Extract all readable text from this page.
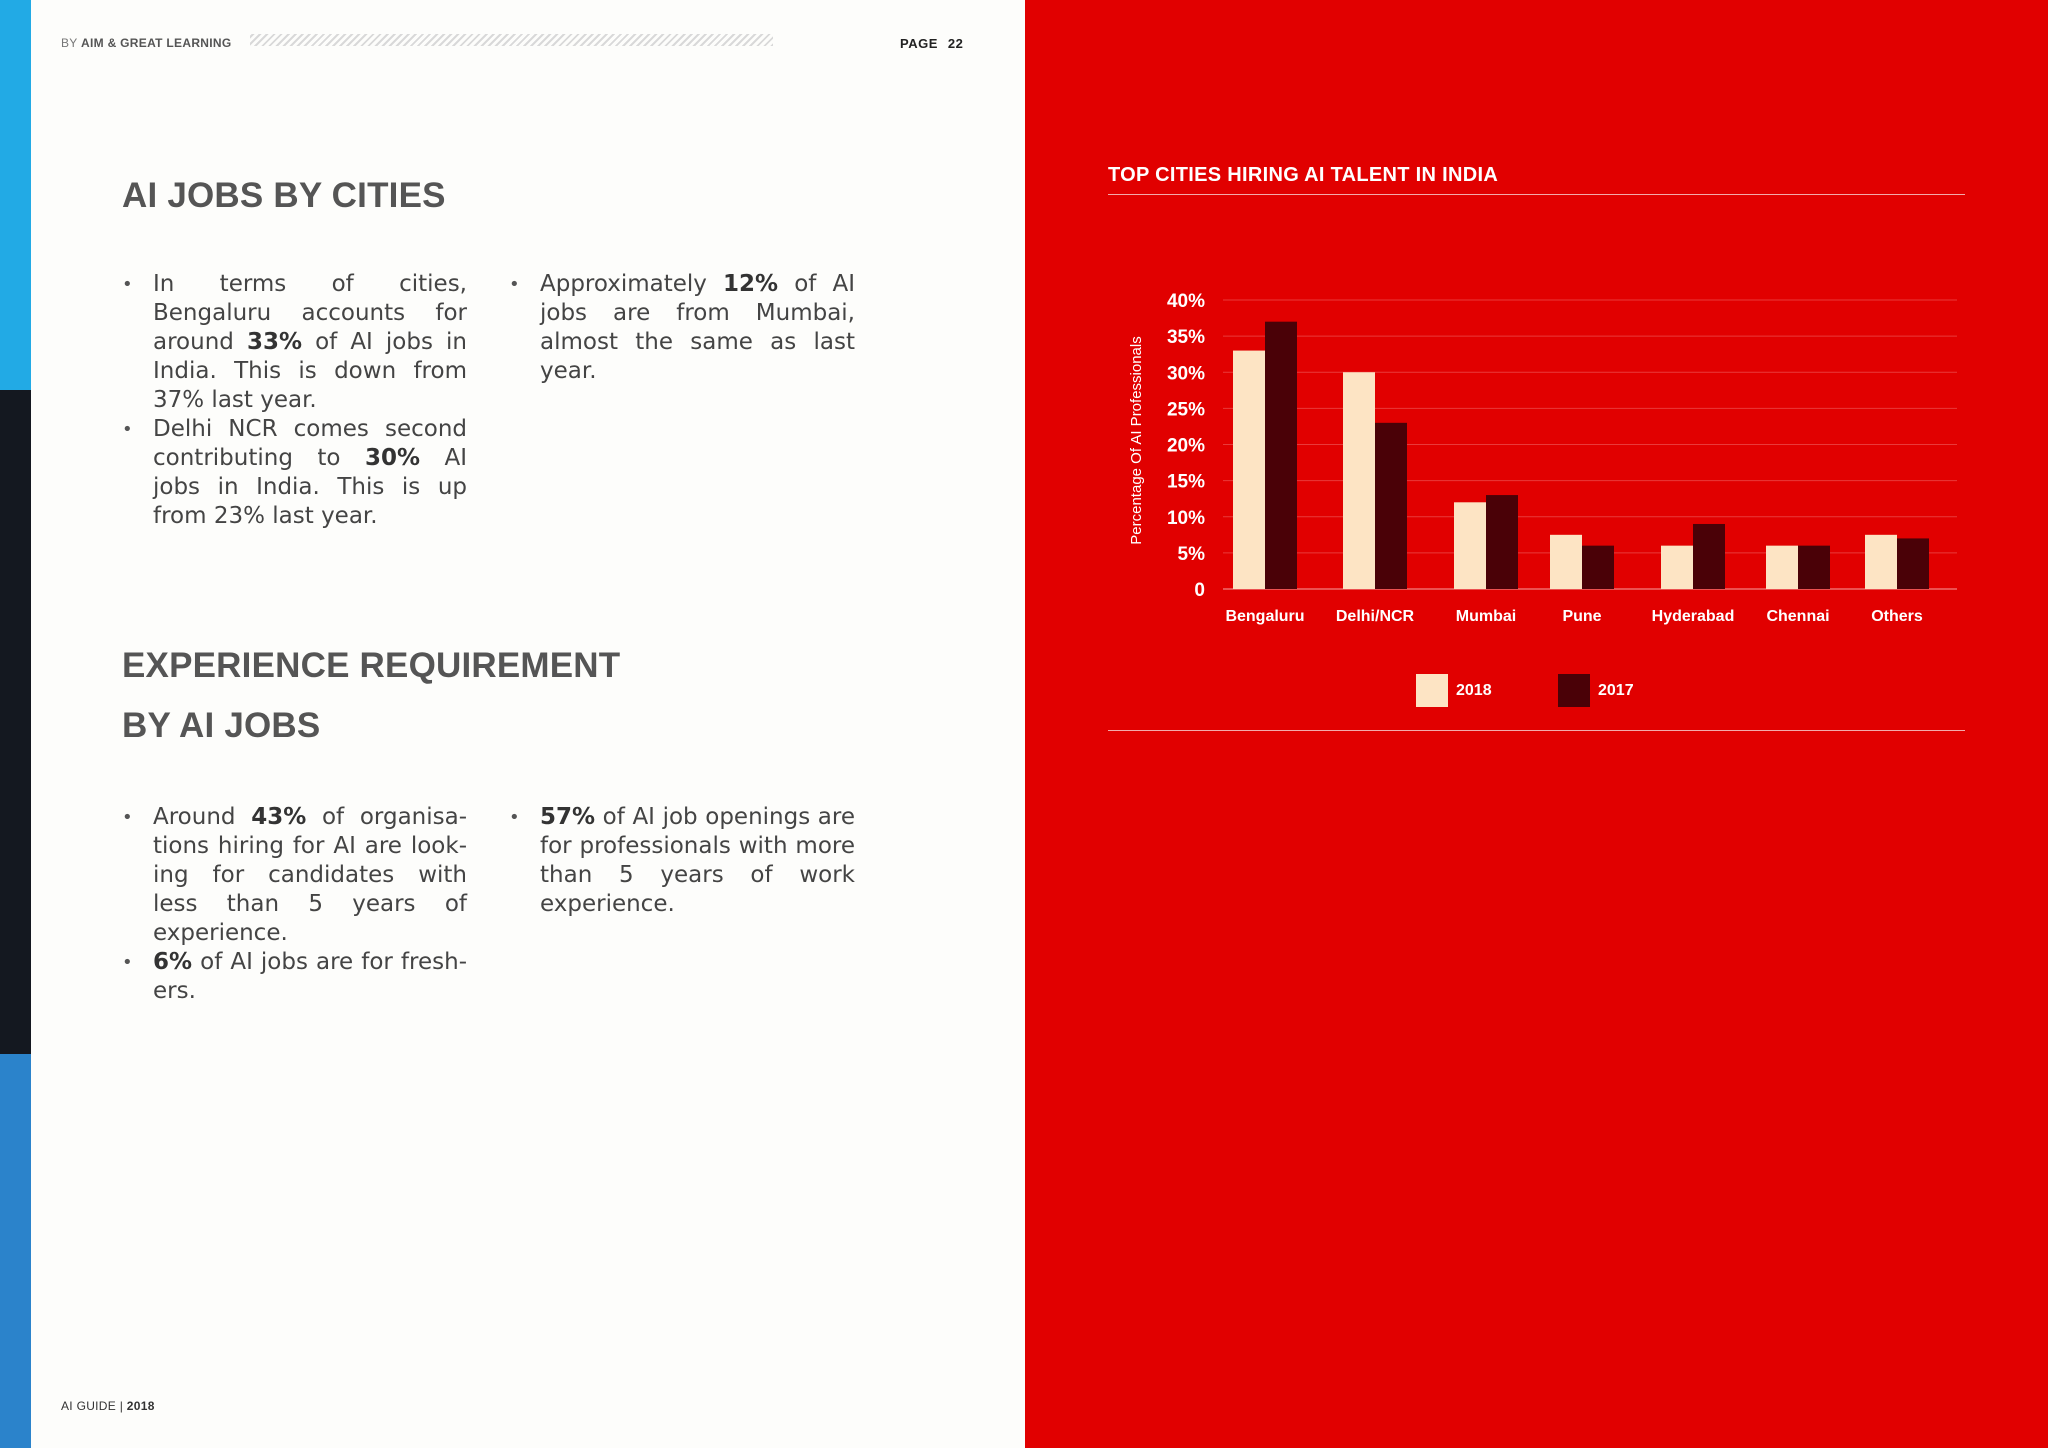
BY AIM & GREAT LEARNING	PAGE 22
AI JOBS BY CITIES
• In terms of cities, Bengaluru accounts for around 33% of AI jobs in India. This is down from 37% last year.
• Delhi NCR comes second contributing to 30% AI jobs in India. This is up from 23% last year.
• Approximately 12% of AI jobs are from Mumbai, almost the same as last year.
EXPERIENCE REQUIREMENT
BY AI JOBS
• Around 43% of organisa-tions hiring for AI are look-ing for candidates with less than 5 years of experience.
• 6% of AI jobs are for fresh-ers.
• 57% of AI job openings are for professionals with more than 5 years of work experience.
AI GUIDE | 2018
TOP CITIES HIRING AI TALENT IN INDIA
0
5%
10%
15%
20%
25%
30%
35%
40%
Percentage Of AI Professionals
Bengaluru Delhi/NCR	Mumbai	Pune	Hyderabad Chennai	Others
2018	2017
